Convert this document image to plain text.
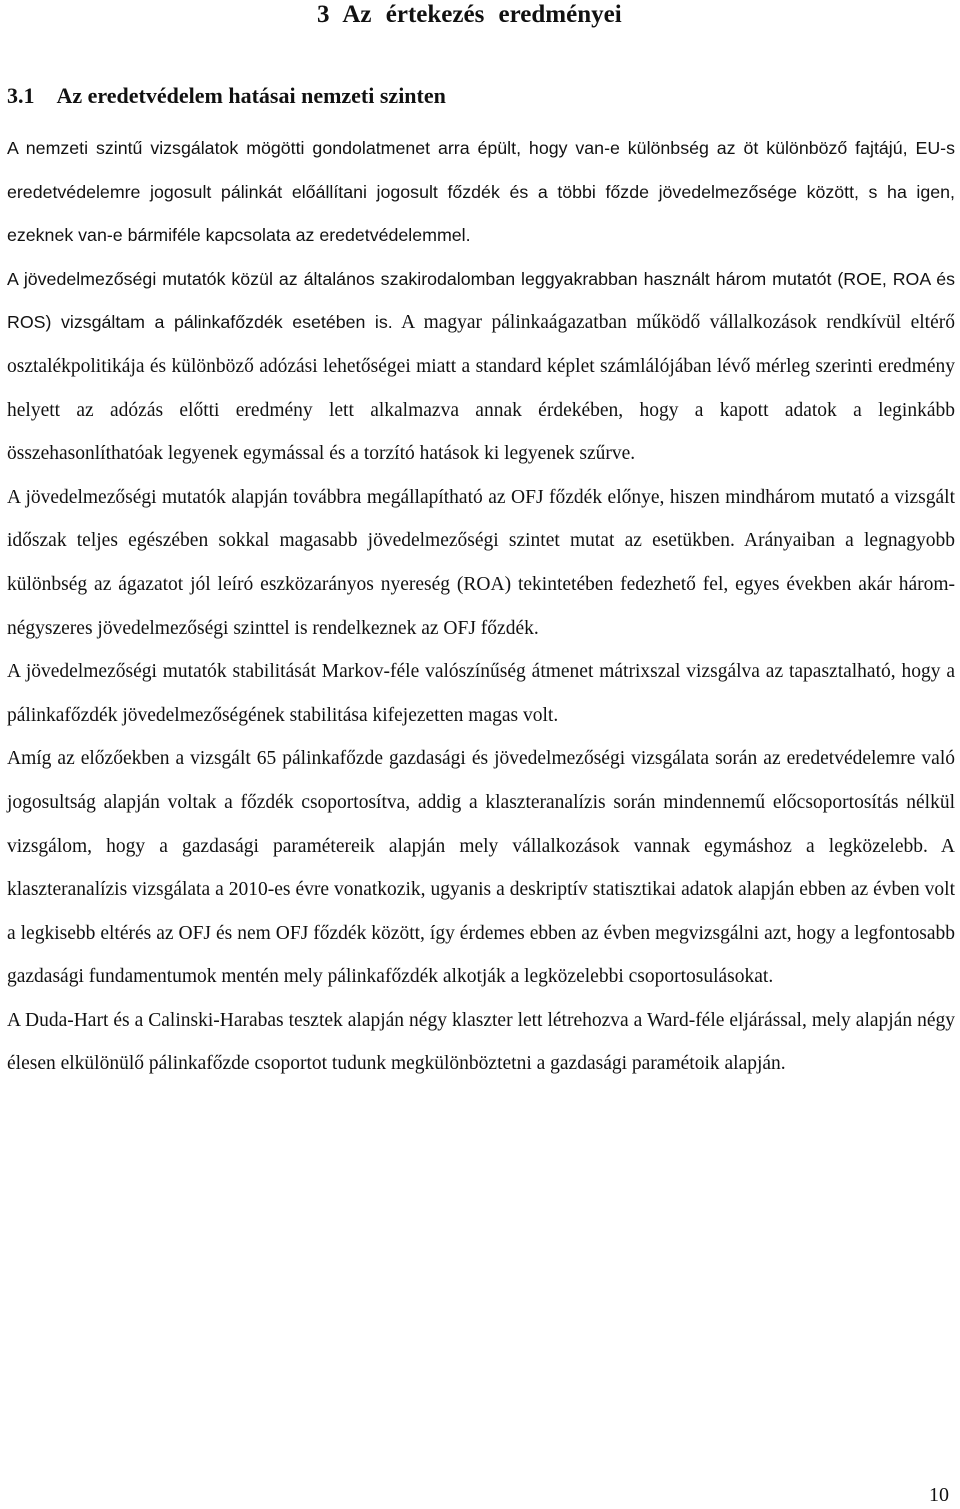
3 Az értekezés eredményei
3.1 Az eredetvédelem hatásai nemzeti szinten

A nemzeti szintű vizsgálatok mögötti gondolatmenet arra épült, hogy van-e különbség az öt különböző fajtájú, EU-s eredetvédelemre jogosult pálinkát előállítani jogosult főzdék és a többi főzde jövedelmezősége között, s ha igen, ezeknek van-e bármiféle kapcsolata az eredetvédelemmel.

A jövedelmezőségi mutatók közül az általános szakirodalomban leggyakrabban használt három mutatót (ROE, ROA és ROS) vizsgáltam a pálinkafőzdék esetében is. A magyar pálinkaágazatban működő vállalkozások rendkívül eltérő osztalékpolitikája és különböző adózási lehetőségei miatt a standard képlet számlálójában lévő mérleg szerinti eredmény helyett az adózás előtti eredmény lett alkalmazva annak érdekében, hogy a kapott adatok a leginkább összehasonlíthatóak legyenek egymással és a torzító hatások ki legyenek szűrve.

A jövedelmezőségi mutatók alapján továbbra megállapítható az OFJ főzdék előnye, hiszen mindhárom mutató a vizsgált időszak teljes egészében sokkal magasabb jövedelmezőségi szintet mutat az esetükben. Arányaiban a legnagyobb különbség az ágazatot jól leíró eszközarányos nyereség (ROA) tekintetében fedezhető fel, egyes években akár három-négyszeres jövedelmezőségi szinttel is rendelkeznek az OFJ főzdék.

A jövedelmezőségi mutatók stabilitását Markov-féle valószínűség átmenet mátrixszal vizsgálva az tapasztalható, hogy a pálinkafőzdék jövedelmezőségének stabilitása kifejezetten magas volt.

Amíg az előzőekben a vizsgált 65 pálinkafőzde gazdasági és jövedelmezőségi vizsgálata során az eredetvédelemre való jogosultság alapján voltak a főzdék csoportosítva, addig a klaszteranalízis során mindennemű előcsoportosítás nélkül vizsgálom, hogy a gazdasági paramétereik alapján mely vállalkozások vannak egymáshoz a legközelebb. A klaszteranalízis vizsgálata a 2010-es évre vonatkozik, ugyanis a deskriptív statisztikai adatok alapján ebben az évben volt a legkisebb eltérés az OFJ és nem OFJ főzdék között, így érdemes ebben az évben megvizsgálni azt, hogy a legfontosabb gazdasági fundamentumok mentén mely pálinkafőzdék alkotják a legközelebbi csoportosulásokat.

A Duda-Hart és a Calinski-Harabas tesztek alapján négy klaszter lett létrehozva a Ward-féle eljárással, mely alapján négy élesen elkülönülő pálinkafőzde csoportot tudunk megkülönböztetni a gazdasági paramétoik alapján.

10
